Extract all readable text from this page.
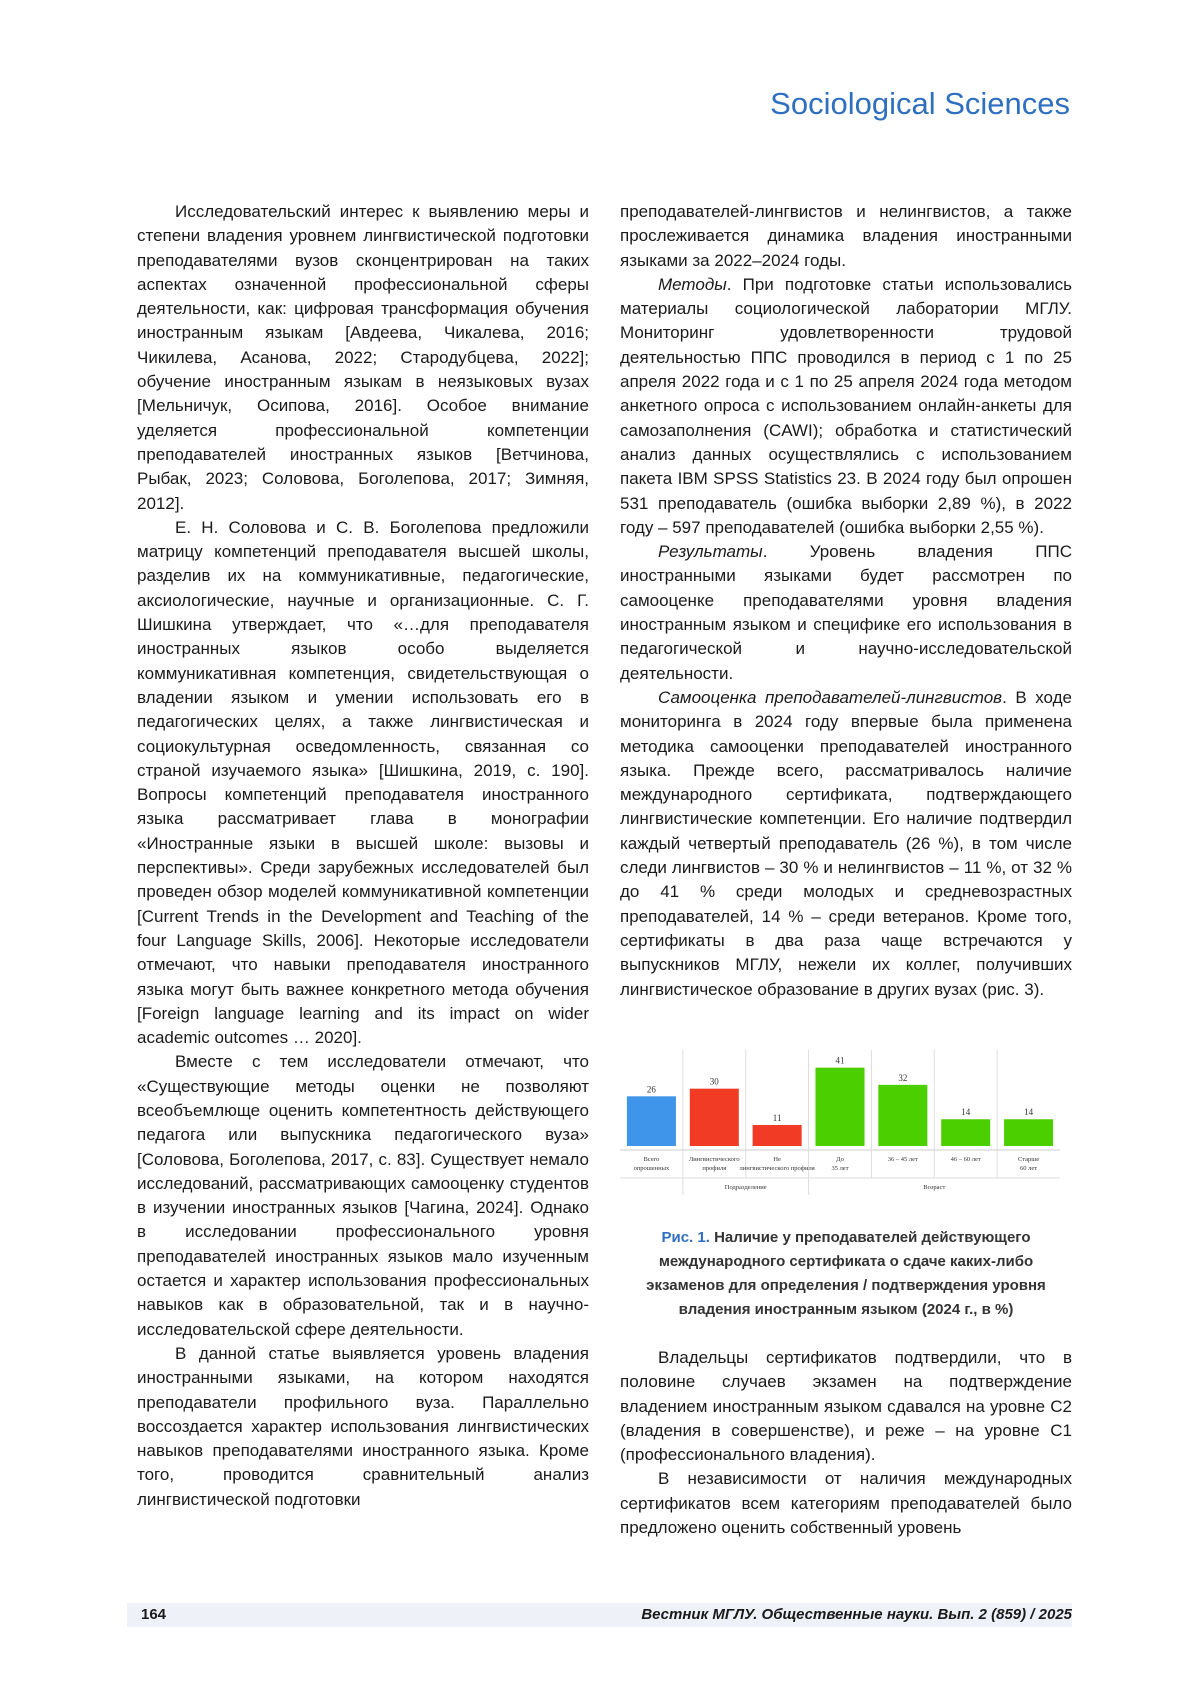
Sociological Sciences

Исследовательский интерес к выявлению меры и степени владения уровнем лингвистической подготовки преподавателями вузов сконцентрирован на таких аспектах означенной профессиональной сферы деятельности, как: цифровая трансформация обучения иностранным языкам [Авдеева, Чикалева, 2016; Чикилева, Асанова, 2022; Стародубцева, 2022]; обучение иностранным языкам в неязыковых вузах [Мельничук, Осипова, 2016]. Особое внимание уделяется профессиональной компетенции преподавателей иностранных языков [Ветчинова, Рыбак, 2023; Соловова, Боголепова, 2017; Зимняя, 2012].

Е. Н. Соловова и С. В. Боголепова предложили матрицу компетенций преподавателя высшей школы, разделив их на коммуникативные, педагогические, аксиологические, научные и организационные. С. Г. Шишкина утверждает, что «…для преподавателя иностранных языков особо выделяется коммуникативная компетенция, свидетельствующая о владении языком и умении использовать его в педагогических целях, а также лингвистическая и социокультурная осведомленность, связанная со страной изучаемого языка» [Шишкина, 2019, с. 190]. Вопросы компетенций преподавателя иностранного языка рассматривает глава в монографии «Иностранные языки в высшей школе: вызовы и перспективы». Среди зарубежных исследователей был проведен обзор моделей коммуникативной компетенции [Current Trends in the Development and Teaching of the four Language Skills, 2006]. Некоторые исследователи отмечают, что навыки преподавателя иностранного языка могут быть важнее конкретного метода обучения [Foreign language learning and its impact on wider academic outcomes … 2020].

Вместе с тем исследователи отмечают, что «Существующие методы оценки не позволяют всеобъемлюще оценить компетентность действующего педагога или выпускника педагогического вуза» [Соловова, Боголепова, 2017, с. 83]. Существует немало исследований, рассматривающих самооценку студентов в изучении иностранных языков [Чагина, 2024]. Однако в исследовании профессионального уровня преподавателей иностранных языков мало изученным остается и характер использования профессиональных навыков как в образовательной, так и в научно-исследовательской сфере деятельности.

В данной статье выявляется уровень владения иностранными языками, на котором находятся преподаватели профильного вуза. Параллельно воссоздается характер использования лингвистических навыков преподавателями иностранного языка. Кроме того, проводится сравнительный анализ лингвистической подготовки

преподавателей-лингвистов и нелингвистов, а также прослеживается динамика владения иностранными языками за 2022–2024 годы.

Методы. При подготовке статьи использовались материалы социологической лаборатории МГЛУ. Мониторинг удовлетворенности трудовой деятельностью ППС проводился в период с 1 по 25 апреля 2022 года и с 1 по 25 апреля 2024 года методом анкетного опроса с использованием онлайн-анкеты для самозаполнения (CAWI); обработка и статистический анализ данных осуществлялись с использованием пакета IBM SPSS Statistics 23. В 2024 году был опрошен 531 преподаватель (ошибка выборки 2,89 %), в 2022 году – 597 преподавателей (ошибка выборки 2,55 %).

Результаты. Уровень владения ППС иностранными языками будет рассмотрен по самооценке преподавателями уровня владения иностранным языком и специфике его использования в педагогической и научно-исследовательской деятельности.

Самооценка преподавателей-лингвистов. В ходе мониторинга в 2024 году впервые была применена методика самооценки преподавателей иностранного языка. Прежде всего, рассматривалось наличие международного сертификата, подтверждающего лингвистические компетенции. Его наличие подтвердил каждый четвертый преподаватель (26 %), в том числе следи лингвистов – 30 % и нелингвистов – 11 %, от 32 % до 41 % среди молодых и средневозрастных преподавателей, 14 % – среди ветеранов. Кроме того, сертификаты в два раза чаще встречаются у выпускников МГЛУ, нежели их коллег, получивших лингвистическое образование в других вузах (рис. 3).

26
Всего
опрошенных
30
Лингвистического
профиля
11
Не
лингвистического профиля
41
До
35 лет
32
36 – 45 лет
14
46 – 60 лет
14
Старше
60 лет
Подразделение	Возраст
Рис. 1. Наличие у преподавателей действующего международного сертификата о сдаче каких-либо экзаменов для определения / подтверждения уровня владения иностранным языком (2024 г., в %)

Владельцы сертификатов подтвердили, что в половине случаев экзамен на подтверждение владением иностранным языком сдавался на уровне С2 (владения в совершенстве), и реже – на уровне С1 (профессионального владения).

В независимости от наличия международных сертификатов всем категориям преподавателей было предложено оценить собственный уровень

164	Вестник МГЛУ. Общественные науки. Вып. 2 (859) / 2025
